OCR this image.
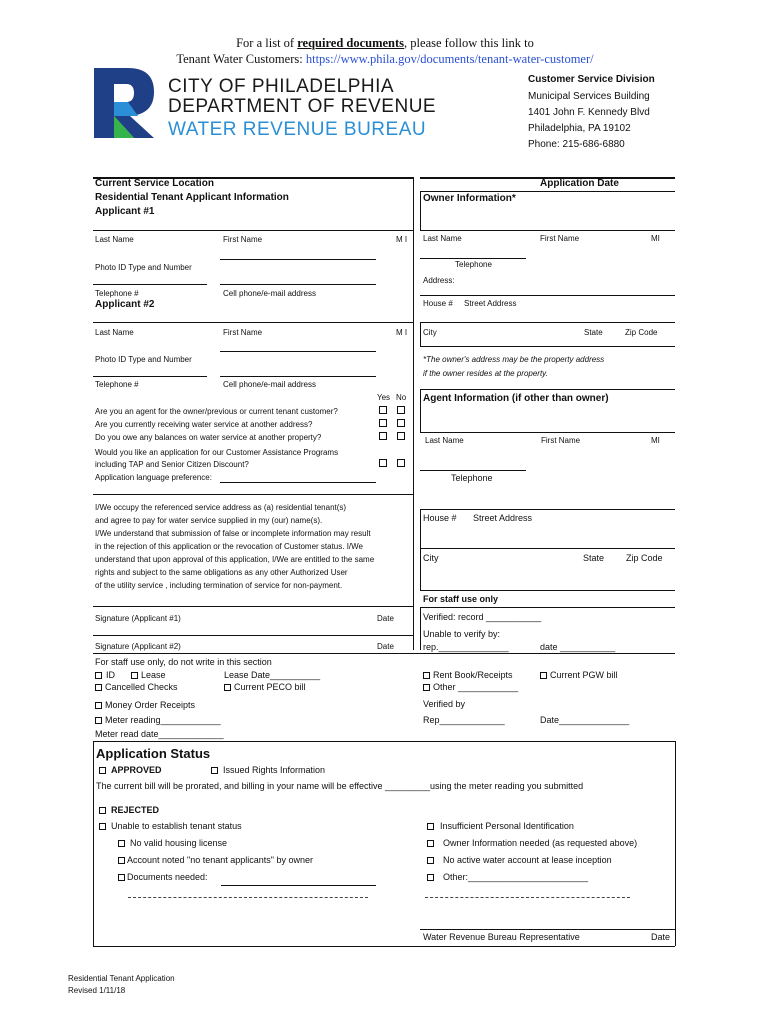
For a list of required documents, please follow this link to
Tenant Water Customers: https://www.phila.gov/documents/tenant-water-customer/
CITY OF PHILADELPHIA
DEPARTMENT OF REVENUE
WATER REVENUE BUREAU
Customer Service Division
Municipal Services Building
1401 John F. Kennedy Blvd
Philadelphia, PA 19102
Phone: 215-686-6880
Current Service Location
Residential Tenant Applicant Information
Applicant #1
Last Name	First Name	M I
Photo ID Type and Number
Telephone #	Cell phone/e-mail address
Applicant #2
Last Name	First Name	M I
Photo ID Type and Number
Telephone #	Cell phone/e-mail address
Yes No
Are you an agent for the owner/previous or current tenant customer?
Are you currently receiving water service at another address?
Do you owe any balances on water service at another property?
Would you like an application for our Customer Assistance Programs
including TAP and Senior Citizen Discount?
Application language preference:
I/We occupy the referenced service address as (a) residential tenant(s)
and agree to pay for water service supplied in my (our) name(s).
I/We understand that submission of false or incomplete information may result
in the rejection of this application or the revocation of Customer status. I/We
understand that upon approval of this application, I/We are entitled to the same
rights and subject to the same obligations as any other Authorized User
of the utility service , including termination of service for non-payment.
Signature (Applicant #1)	Date
Signature (Applicant #2)	Date
Application Date
Owner Information*
Last Name	First Name	MI
Telephone
Address:
House # Street Address
City	State	Zip Code
*The owner's address may be the property address
if the owner resides at the property.
Agent Information (if other than owner)
Last Name	First Name	MI
Telephone
House # Street Address
City	State Zip Code
For staff use only
Verified: record ___________
Unable to verify by:
rep.______________	date ___________
For staff use only, do not write in this section
ID	Lease	Lease Date__________
Cancelled Checks	Current PECO bill
Money Order Receipts
Meter reading____________
Meter read date_____________
Rent Book/Receipts	Current PGW bill
Other ____________
Verified by
Rep_____________	Date______________
Application Status
APPROVED	Issued Rights Information
The current bill will be prorated, and billing in your name will be effective _________using the meter reading you submitted
REJECTED
Unable to establish tenant status
No valid housing license
Account noted "no tenant applicants" by owner
Documents needed:
Insufficient Personal Identification
Owner Information needed (as requested above)
No active water account at lease inception
Other:________________________
Water Revenue Bureau Representative	Date
Residential Tenant Application
Revised 1/11/18
